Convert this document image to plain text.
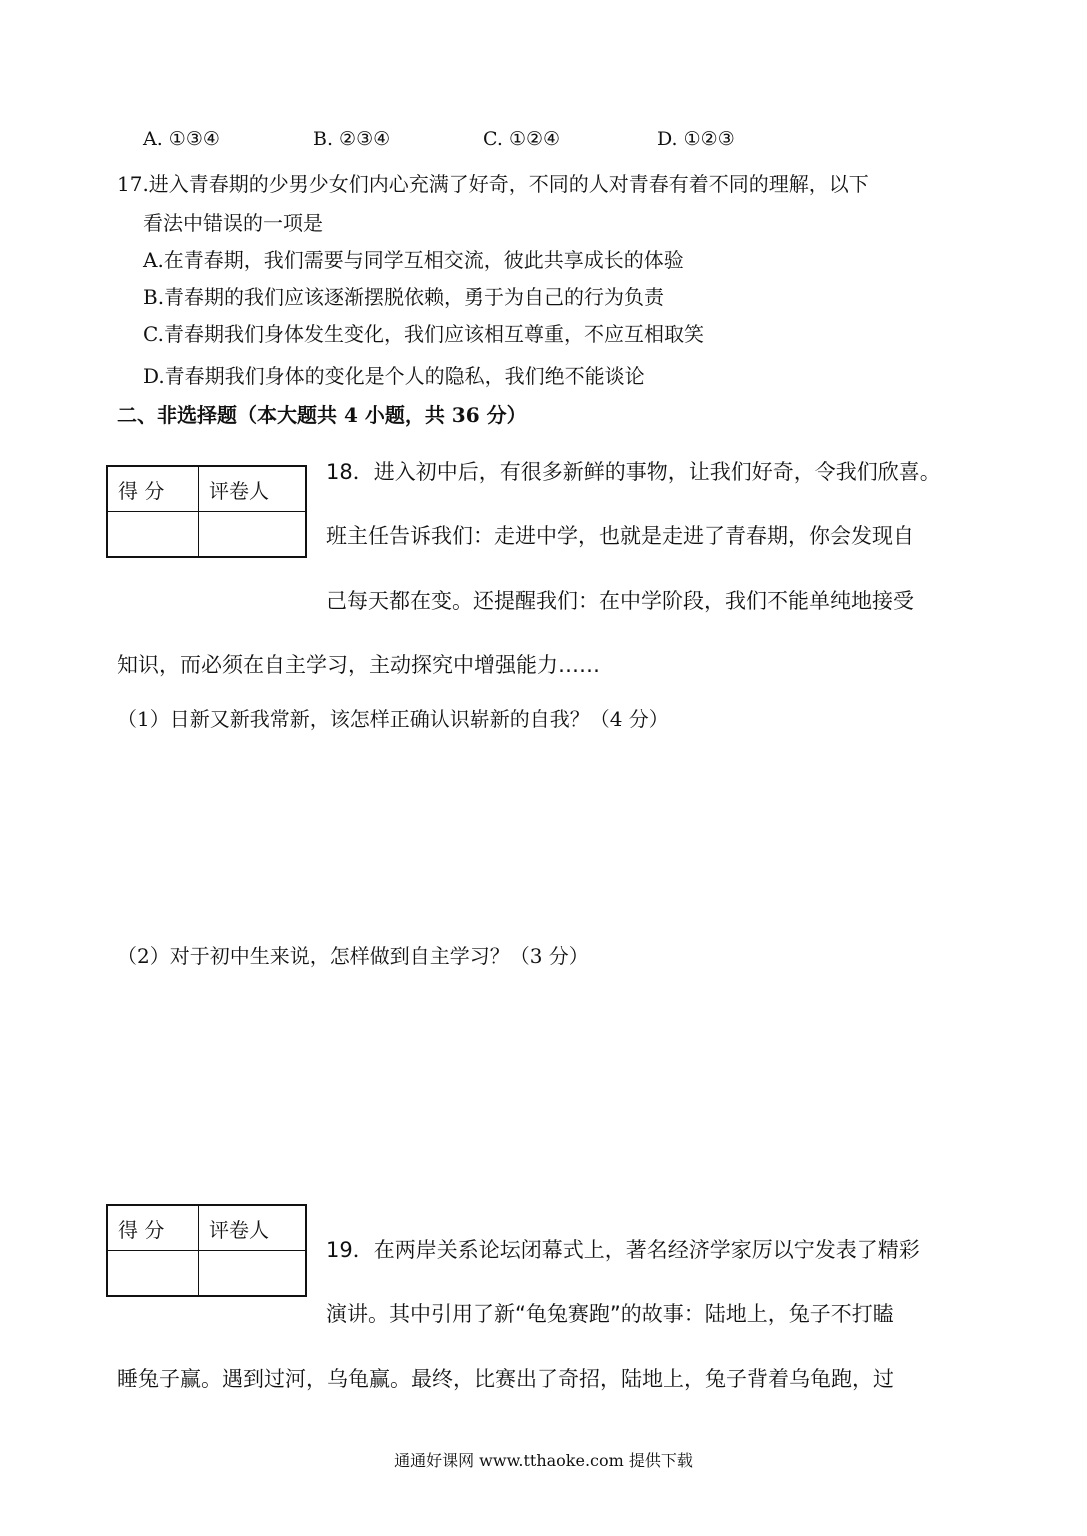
A. ①③④	B. ②③④	C. ①②④	D. ①②③
17.进入青春期的少男少女们内心充满了好奇，不同的人对青春有着不同的理解，以下
看法中错误的一项是
A.在青春期，我们需要与同学互相交流，彼此共享成长的体验
B.青春期的我们应该逐渐摆脱依赖，勇于为自己的行为负责
C.青春期我们身体发生变化，我们应该相互尊重，不应互相取笑
D.青春期我们身体的变化是个人的隐私，我们绝不能谈论
二、非选择题（本大题共 4 小题，共 36 分）
得 分	评卷人

18．进入初中后，有很多新鲜的事物，让我们好奇，令我们欣喜。
班主任告诉我们：走进中学，也就是走进了青春期，你会发现自
己每天都在变。还提醒我们：在中学阶段，我们不能单纯地接受
知识，而必须在自主学习，主动探究中增强能力……
（1）日新又新我常新，该怎样正确认识崭新的自我？（4 分）
（2）对于初中生来说，怎样做到自主学习？（3 分）
得 分	评卷人

19．在两岸关系论坛闭幕式上，著名经济学家厉以宁发表了精彩
演讲。其中引用了新“龟兔赛跑”的故事：陆地上，兔子不打瞌
睡兔子赢。遇到过河，乌龟赢。最终，比赛出了奇招，陆地上，兔子背着乌龟跑，过
通通好课网 www.tthaoke.com 提供下载
